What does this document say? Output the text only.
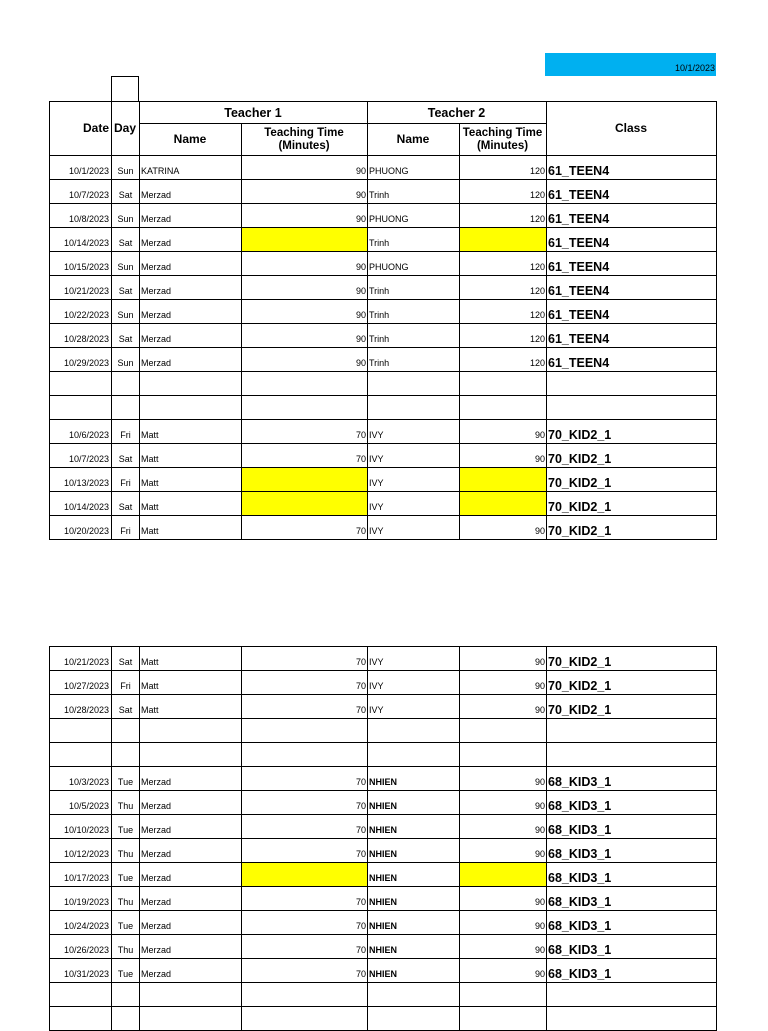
10/1/2023
10/1/2023 Sun KATRINA	90 PHUONG	120 61_TEEN4
10/7/2023	Sat Merzad	90 Trinh	120 61_TEEN4
10/8/2023 Sun Merzad	90 PHUONG	120 61_TEEN4
10/14/2023	Sat Merzad	Trinh	61_TEEN4
10/15/2023 Sun Merzad	90 PHUONG	120 61_TEEN4
10/21/2023	Sat Merzad	90 Trinh	120 61_TEEN4
10/22/2023 Sun Merzad	90 Trinh	120 61_TEEN4
10/28/2023	Sat Merzad	90 Trinh	120 61_TEEN4
10/29/2023 Sun Merzad	90 Trinh	120 61_TEEN4
10/6/2023	Fri	Matt	70 IVY	90 70_KID2_1
10/7/2023	Sat Matt	70 IVY	90 70_KID2_1
10/13/2023	Fri	Matt	IVY	70_KID2_1
10/14/2023	Sat Matt	IVY	70_KID2_1
10/20/2023	Fri	Matt	70 IVY	90 70_KID2_1
Date Day
Teacher 1	Teacher 2
Name	Teaching Time (Minutes)	Name	Teaching Time (Minutes)
Class
10/21/2023	Sat Matt	70 IVY	90 70_KID2_1
10/27/2023	Fri	Matt	70 IVY	90 70_KID2_1
10/28/2023	Sat Matt	70 IVY	90 70_KID2_1
10/3/2023 Tue Merzad	70 NHIEN	90 68_KID3_1
10/5/2023 Thu Merzad	70 NHIEN	90 68_KID3_1
10/10/2023 Tue Merzad	70 NHIEN	90 68_KID3_1
10/12/2023 Thu Merzad	70 NHIEN	90 68_KID3_1
10/17/2023 Tue Merzad	NHIEN	68_KID3_1
10/19/2023 Thu Merzad	70 NHIEN	90 68_KID3_1
10/24/2023 Tue Merzad	70 NHIEN	90 68_KID3_1
10/26/2023 Thu Merzad	70 NHIEN	90 68_KID3_1
10/31/2023 Tue Merzad	70 NHIEN	90 68_KID3_1
